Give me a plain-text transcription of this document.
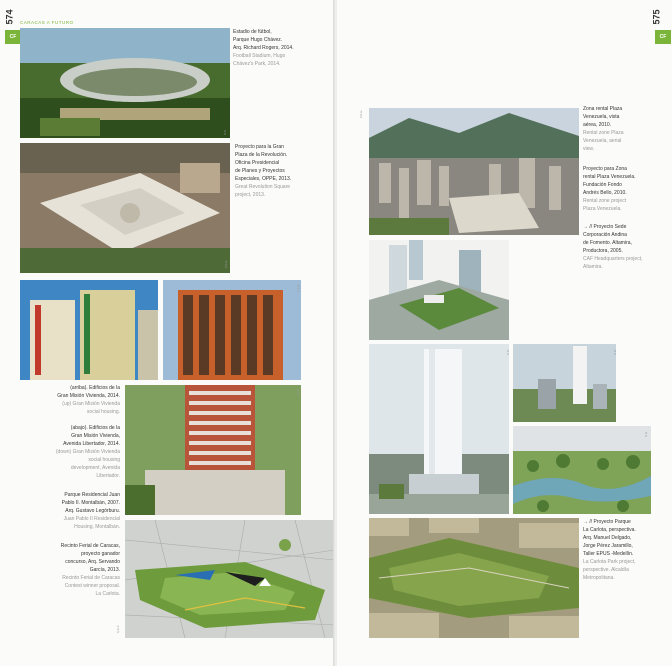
574
CF
CARACAS A FUTURO
S.C.
Estadio de fútbol,
Parque Hugo Chávez.
Arq. Richard Rogers, 2014.
Football Stadium, Hugo
Chávez's Park, 2014.
F.G.E.
Proyecto para la Gran
Plaza de la Revolución.
Oficina Presidencial
de Planes y Proyectos
Especiales, OPPE, 2013.
Great Revolution Square
project, 2013.
A.T.M.
F.G.E.
(arriba). Edificios de la
Gran Misión Vivienda, 2014.
(up) Gran Misión Vivienda
social housing.
(abajo). Edificios de la
Gran Misión Vivienda,
Avenida Libertador, 2014.
(down) Gran Misión Vivienda
social housing
development, Avenida
Libertador.
Parque Residencial Juan
Pablo II. Montalbán, 2007.
Arq. Gustavo Legórburu.
Juan Pablo II Residencial
Housing, Montalbán.
Recinto Ferial de Caracas,
proyecto ganador
concurso, Arq. Servando
García, 2013.
Recinto Ferial de Caracas
Contest winner proposal.
La Carlota.
S.G.F.
575
CF
F.G.E.
Zona rental Plaza
Venezuela, vista
aérea, 2010.
Rental zone Plaza
Venezuela, aerial
view.
Proyecto para Zona
rental Plaza Venezuela.
Fundación Fondo
Andrés Bello, 2010.
Rental zone project
Plaza Venezuela.
→ // Proyecto Sede
Corporación Andina
de Fomento. Altamira,
Productora, 2005.
CAF Headquarters project,
Altamira.
S.G.	S.G.
S.G.
→ // Proyecto Parque
La Carlota, perspectiva.
Arq. Manuel Delgado,
Jorge Pérez Jaramillo,
Taller EPUS -Medellín.
La Carlota Park project,
perspective. Alcaldía
Metropolitana.
